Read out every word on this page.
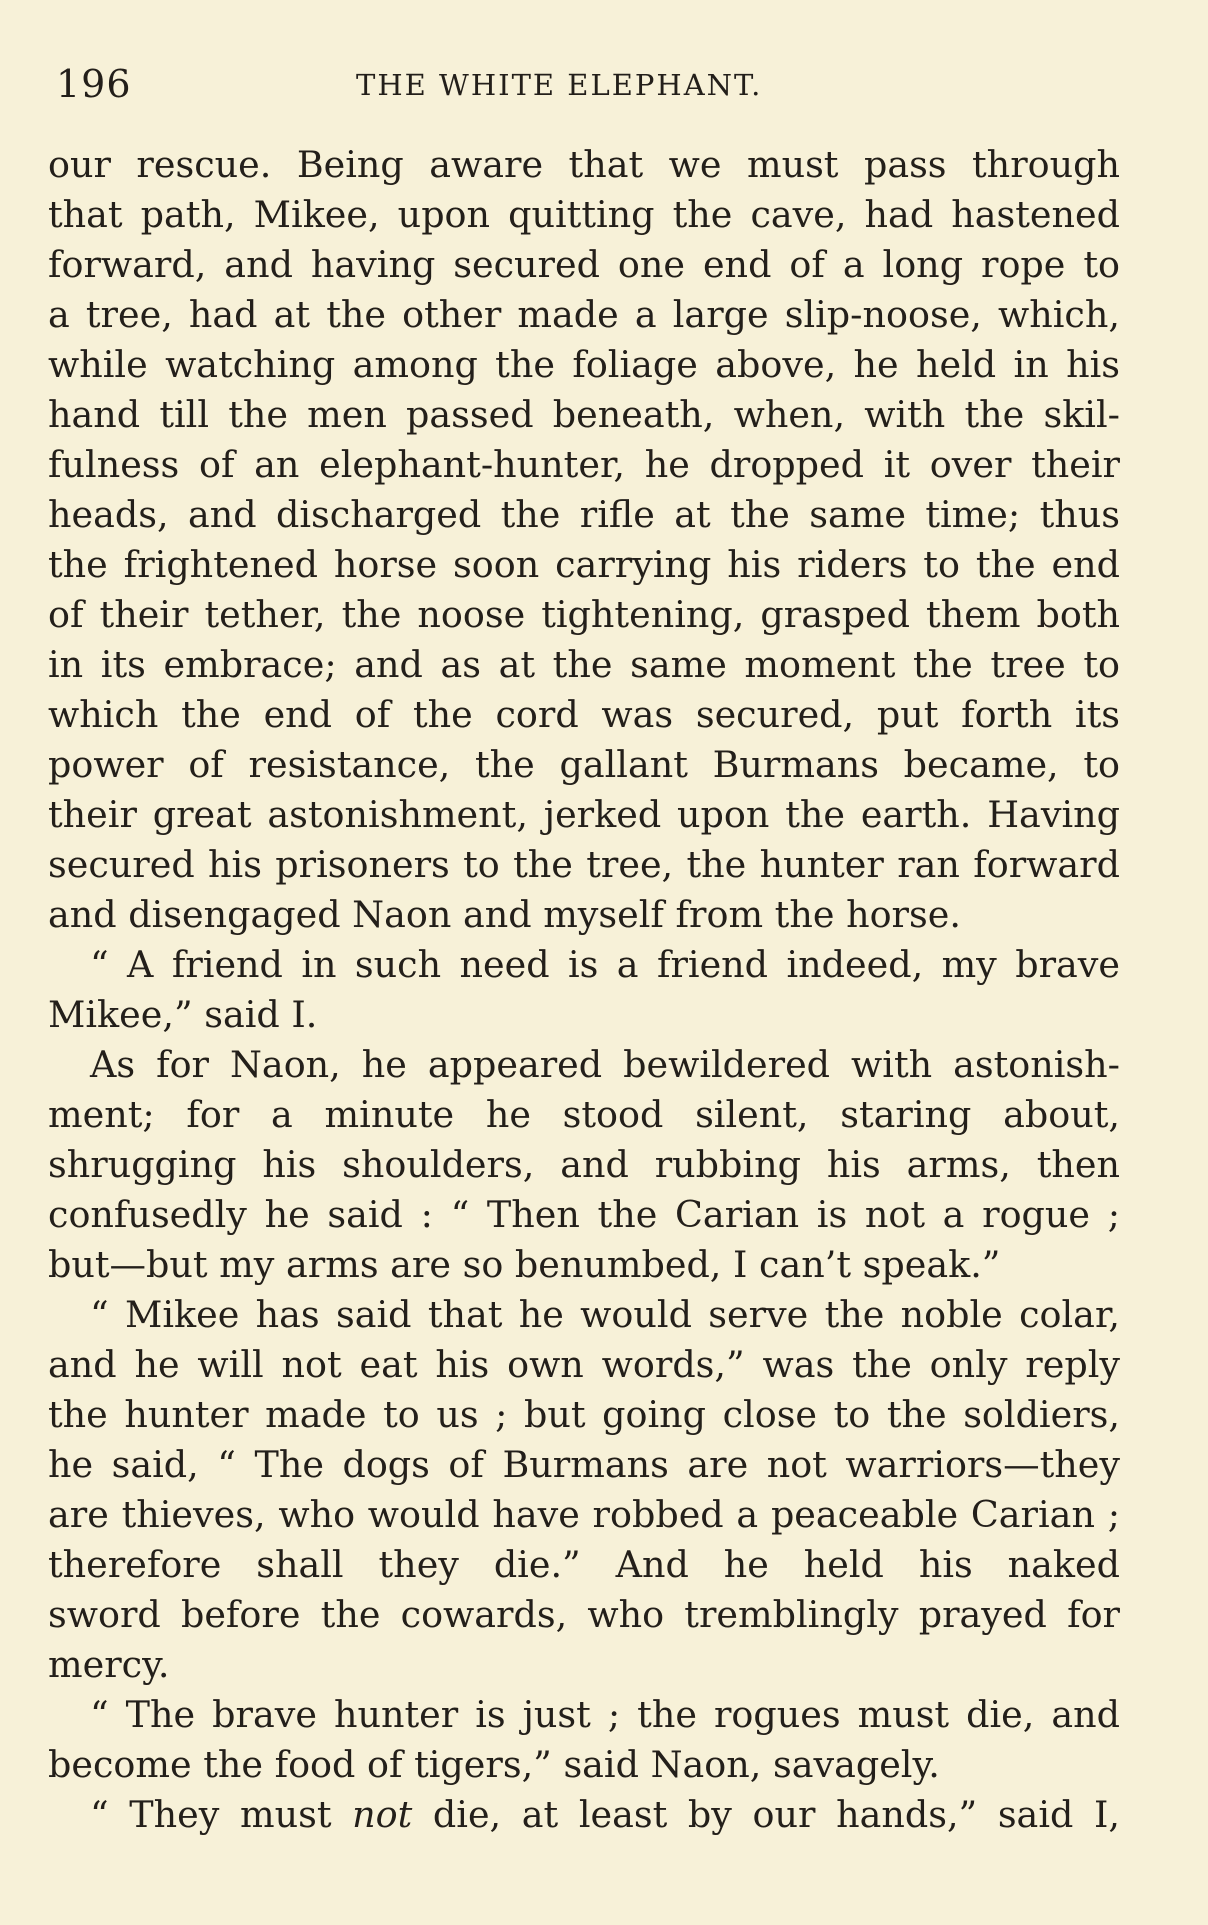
196	THE WHITE ELEPHANT.
our rescue. Being aware that we must pass through
that path, Mikee, upon quitting the cave, had hastened
forward, and having secured one end of a long rope to
a tree, had at the other made a large slip-noose, which,
while watching among the foliage above, he held in his
hand till the men passed beneath, when, with the skil-
fulness of an elephant-hunter, he dropped it over their
heads, and discharged the rifle at the same time; thus
the frightened horse soon carrying his riders to the end
of their tether, the noose tightening, grasped them both
in its embrace; and as at the same moment the tree to
which the end of the cord was secured, put forth its
power of resistance, the gallant Burmans became, to
their great astonishment, jerked upon the earth. Having
secured his prisoners to the tree, the hunter ran forward
and disengaged Naon and myself from the horse.
“ A friend in such need is a friend indeed, my brave
Mikee,” said I.
As for Naon, he appeared bewildered with astonish-
ment; for a minute he stood silent, staring about,
shrugging his shoulders, and rubbing his arms, then
confusedly he said : “ Then the Carian is not a rogue ;
but—but my arms are so benumbed, I can’t speak.”
“ Mikee has said that he would serve the noble colar,
and he will not eat his own words,” was the only reply
the hunter made to us ; but going close to the soldiers,
he said, “ The dogs of Burmans are not warriors—they
are thieves, who would have robbed a peaceable Carian ;
therefore shall they die.” And he held his naked
sword before the cowards, who tremblingly prayed for
mercy.
“ The brave hunter is just ; the rogues must die, and
become the food of tigers,” said Naon, savagely.
“ They must not die, at least by our hands,” said I,
